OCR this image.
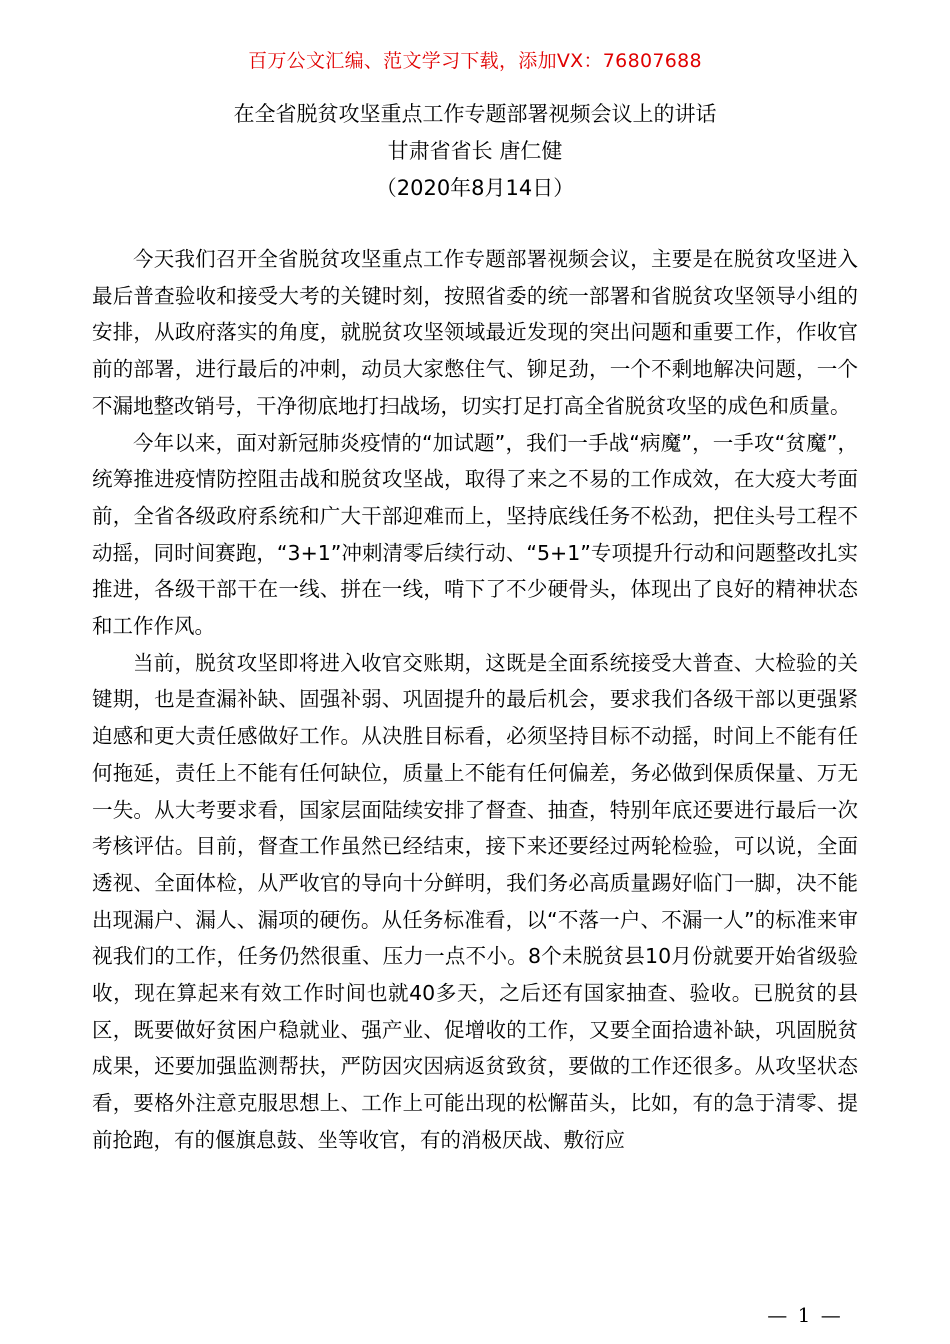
百万公文汇编、范文学习下载，添加VX：76807688
在全省脱贫攻坚重点工作专题部署视频会议上的讲话
甘肃省省长 唐仁健
（2020年8月14日）

今天我们召开全省脱贫攻坚重点工作专题部署视频会议，主要是在脱贫攻坚进入最后普查验收和接受大考的关键时刻，按照省委的统一部署和省脱贫攻坚领导小组的安排，从政府落实的角度，就脱贫攻坚领域最近发现的突出问题和重要工作，作收官前的部署，进行最后的冲刺，动员大家憋住气、铆足劲，一个不剩地解决问题，一个不漏地整改销号，干净彻底地打扫战场，切实打足打高全省脱贫攻坚的成色和质量。

今年以来，面对新冠肺炎疫情的“加试题”，我们一手战“病魔”，一手攻“贫魔”，统筹推进疫情防控阻击战和脱贫攻坚战，取得了来之不易的工作成效，在大疫大考面前，全省各级政府系统和广大干部迎难而上，坚持底线任务不松劲，把住头号工程不动摇，同时间赛跑，“3+1”冲刺清零后续行动、“5+1”专项提升行动和问题整改扎实推进，各级干部干在一线、拼在一线，啃下了不少硬骨头，体现出了良好的精神状态和工作作风。

当前，脱贫攻坚即将进入收官交账期，这既是全面系统接受大普查、大检验的关键期，也是查漏补缺、固强补弱、巩固提升的最后机会，要求我们各级干部以更强紧迫感和更大责任感做好工作。从决胜目标看，必须坚持目标不动摇，时间上不能有任何拖延，责任上不能有任何缺位，质量上不能有任何偏差，务必做到保质保量、万无一失。从大考要求看，国家层面陆续安排了督查、抽查，特别年底还要进行最后一次考核评估。目前，督查工作虽然已经结束，接下来还要经过两轮检验，可以说，全面透视、全面体检，从严收官的导向十分鲜明，我们务必高质量踢好临门一脚，决不能出现漏户、漏人、漏项的硬伤。从任务标准看，以“不落一户、不漏一人”的标准来审视我们的工作，任务仍然很重、压力一点不小。8个未脱贫县10月份就要开始省级验收，现在算起来有效工作时间也就40多天，之后还有国家抽查、验收。已脱贫的县区，既要做好贫困户稳就业、强产业、促增收的工作，又要全面拾遗补缺，巩固脱贫成果，还要加强监测帮扶，严防因灾因病返贫致贫，要做的工作还很多。从攻坚状态看，要格外注意克服思想上、工作上可能出现的松懈苗头，比如，有的急于清零、提前抢跑，有的偃旗息鼓、坐等收官，有的消极厌战、敷衍应

— 1 —
